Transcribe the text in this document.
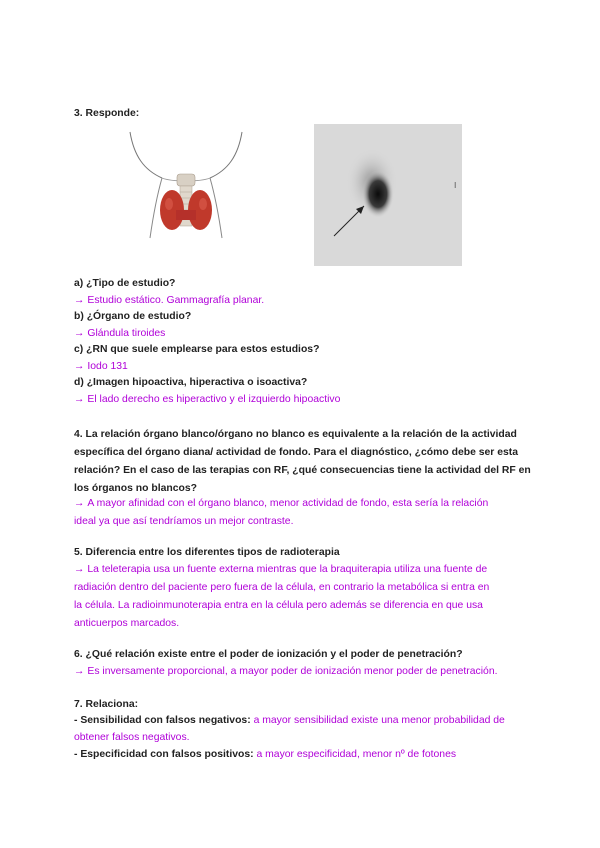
3. Responde:
I
a) ¿Tipo de estudio?
→ Estudio estático. Gammagrafía planar.
b) ¿Órgano de estudio?
→ Glándula tiroides
c) ¿RN que suele emplearse para estos estudios?
→ Iodo 131
d) ¿Imagen hipoactiva, hiperactiva o isoactiva?
→ El lado derecho es hiperactivo y el izquierdo hipoactivo
4. La relación órgano blanco/órgano no blanco es equivalente a la relación de la actividad
específica del órgano diana/ actividad de fondo. Para el diagnóstico, ¿cómo debe ser esta
relación? En el caso de las terapias con RF, ¿qué consecuencias tiene la actividad del RF en
los órganos no blancos?
→ A mayor afinidad con el órgano blanco, menor actividad de fondo, esta sería la relación
ideal ya que así tendríamos un mejor contraste.
5. Diferencia entre los diferentes tipos de radioterapia
→ La teleterapia usa un fuente externa mientras que la braquiterapia utiliza una fuente de
radiación dentro del paciente pero fuera de la célula, en contrario la metabólica si entra en
la célula. La radioinmunoterapia entra en la célula pero además se diferencia en que usa
anticuerpos marcados.
6. ¿Qué relación existe entre el poder de ionización y el poder de penetración?
→ Es inversamente proporcional, a mayor poder de ionización menor poder de penetración.
7. Relaciona:
- Sensibilidad con falsos negativos: a mayor sensibilidad existe una menor probabilidad de
obtener falsos negativos.
- Especificidad con falsos positivos: a mayor especificidad, menor nº de fotones
